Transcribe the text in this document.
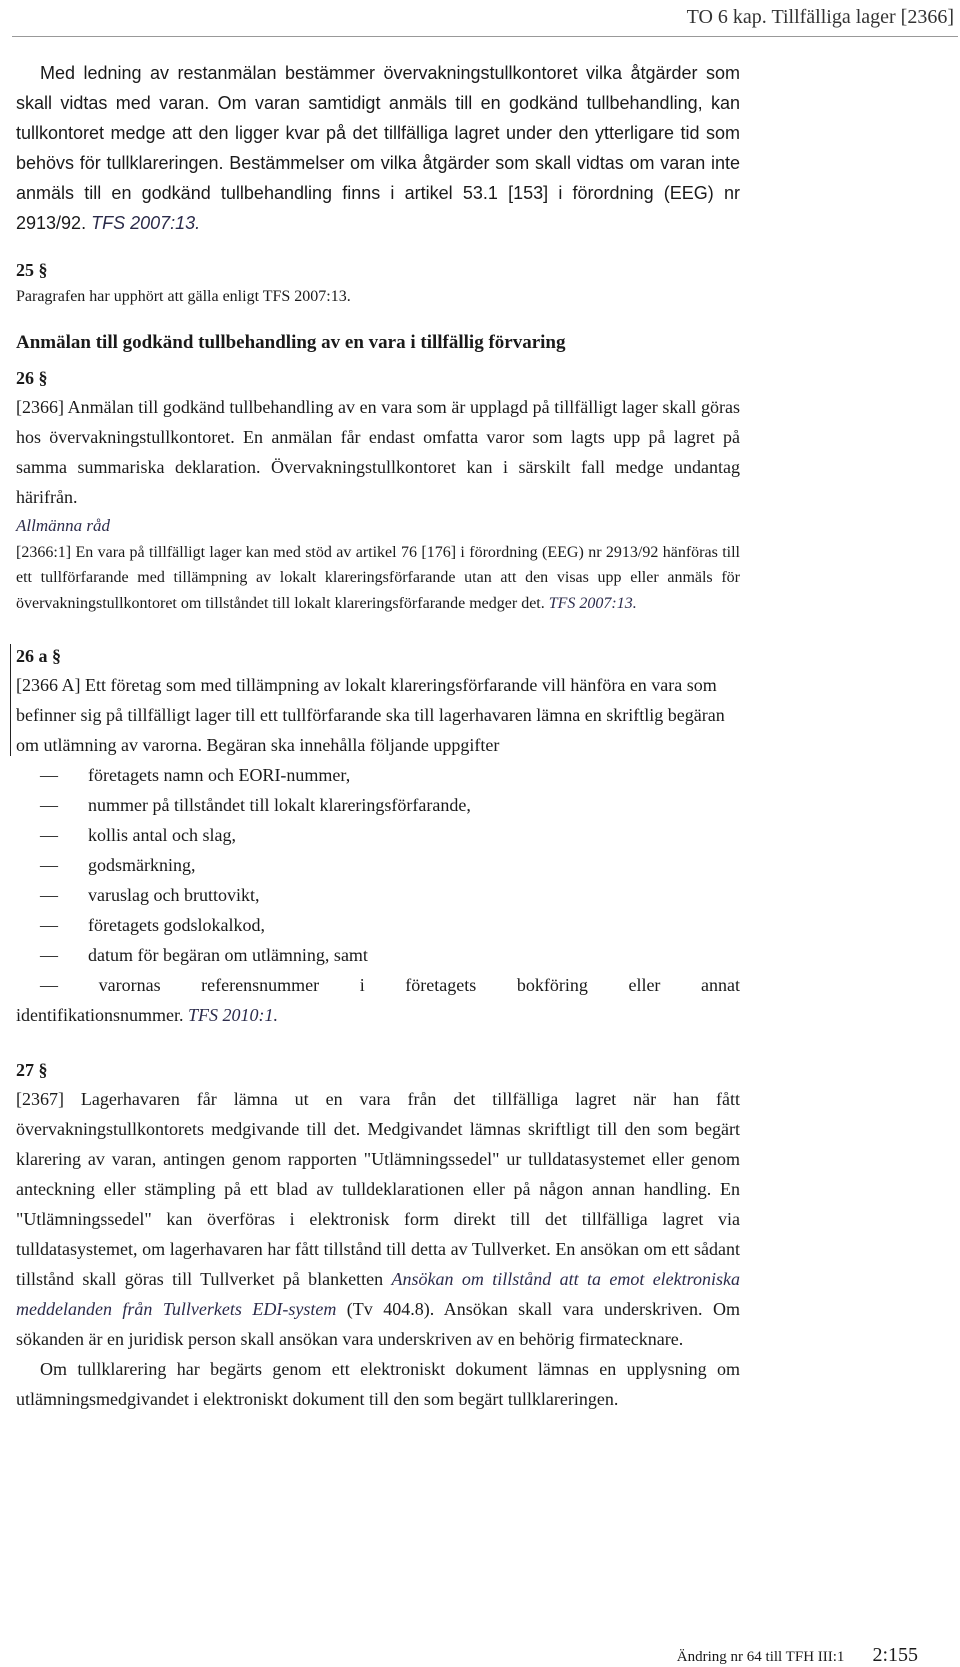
TO 6 kap. Tillfälliga lager [2366]

Med ledning av restanmälan bestämmer övervakningstullkontoret vilka åtgärder som skall vidtas med varan. Om varan samtidigt anmäls till en godkänd tullbehandling, kan tullkontoret medge att den ligger kvar på det tillfälliga lagret under den ytterligare tid som behövs för tullklareringen. Bestämmelser om vilka åtgärder som skall vidtas om varan inte anmäls till en godkänd tullbehandling finns i artikel 53.1 [153] i förordning (EEG) nr 2913/92. TFS 2007:13.

25 §

Paragrafen har upphört att gälla enligt TFS 2007:13.

Anmälan till godkänd tullbehandling av en vara i tillfällig förvaring
26 §

[2366] Anmälan till godkänd tullbehandling av en vara som är upplagd på tillfälligt lager skall göras hos övervakningstullkontoret. En anmälan får endast omfatta varor som lagts upp på lagret på samma summariska deklaration. Övervakningstullkontoret kan i särskilt fall medge undantag härifrån.

Allmänna råd

[2366:1] En vara på tillfälligt lager kan med stöd av artikel 76 [176] i förordning (EEG) nr 2913/92 hänföras till ett tullförfarande med tillämpning av lokalt klareringsförfarande utan att den visas upp eller anmäls för övervakningstullkontoret om tillståndet till lokalt klareringsförfarande medger det. TFS 2007:13.

26 a §

[2366 A] Ett företag som med tillämpning av lokalt klareringsförfarande vill hänföra en vara som befinner sig på tillfälligt lager till ett tullförfarande ska till lagerhavaren lämna en skriftlig begäran om utlämning av varorna. Begäran ska innehålla följande uppgifter

— företagets namn och EORI-nummer,
— nummer på tillståndet till lokalt klareringsförfarande,
— kollis antal och slag,
— godsmärkning,
— varuslag och bruttovikt,
— företagets godslokalkod,
— datum för begäran om utlämning, samt
— varornas referensnummer i företagets bokföring eller annat

identifikationsnummer. TFS 2010:1.

27 §

[2367] Lagerhavaren får lämna ut en vara från det tillfälliga lagret när han fått övervakningstullkontorets medgivande till det. Medgivandet lämnas skriftligt till den som begärt klarering av varan, antingen genom rapporten "Utlämningssedel" ur tulldatasystemet eller genom anteckning eller stämpling på ett blad av tulldeklarationen eller på någon annan handling. En "Utlämningssedel" kan överföras i elektronisk form direkt till det tillfälliga lagret via tulldatasystemet, om lagerhavaren har fått tillstånd till detta av Tullverket. En ansökan om ett sådant tillstånd skall göras till Tullverket på blanketten Ansökan om tillstånd att ta emot elektroniska meddelanden från Tullverkets EDI-system (Tv 404.8). Ansökan skall vara underskriven. Om sökanden är en juridisk person skall ansökan vara underskriven av en behörig firmatecknare.

Om tullklarering har begärts genom ett elektroniskt dokument lämnas en upplysning om utlämningsmedgivandet i elektroniskt dokument till den som begärt tullklareringen.

Ändring nr 64 till TFH III:1 2:155
